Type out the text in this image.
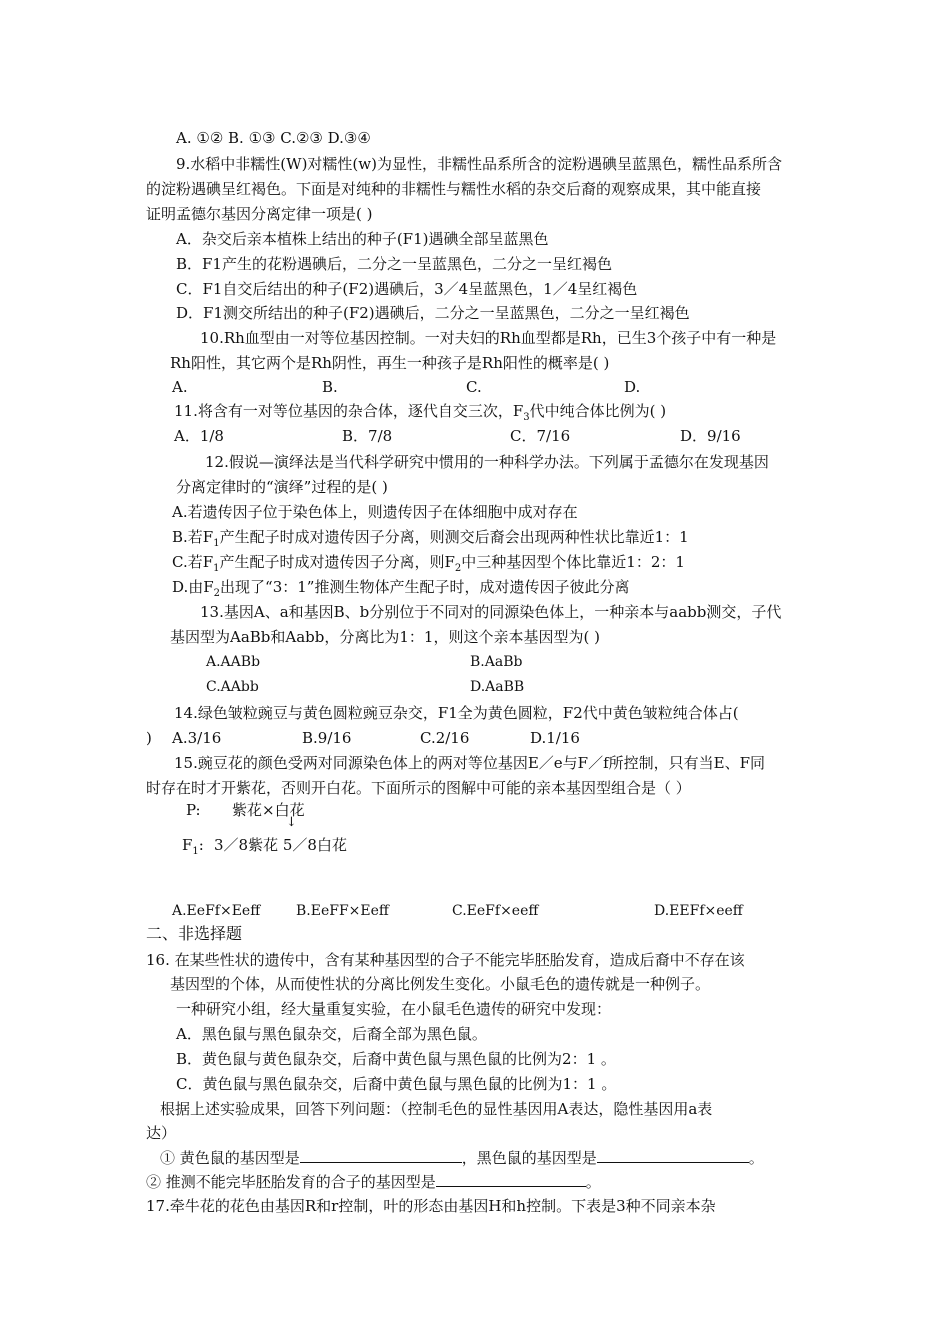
A. ①② B. ①③ C.②③ D.③④
9.水稻中非糯性(W)对糯性(w)为显性，非糯性品系所含的淀粉遇碘呈蓝黑色，糯性品系所含
的淀粉遇碘呈红褐色。下面是对纯种的非糯性与糯性水稻的杂交后裔的观察成果，其中能直接
证明孟德尔基因分离定律一项是( )
A．杂交后亲本植株上结出的种子(F1)遇碘全部呈蓝黑色
B．F1产生的花粉遇碘后，二分之一呈蓝黑色，二分之一呈红褐色
C．F1自交后结出的种子(F2)遇碘后，3／4呈蓝黑色，1／4呈红褐色
D．F1测交所结出的种子(F2)遇碘后，二分之一呈蓝黑色，二分之一呈红褐色
10.Rh血型由一对等位基因控制。一对夫妇的Rh血型都是Rh，已生3个孩子中有一种是
Rh阳性，其它两个是Rh阴性，再生一种孩子是Rh阳性的概率是( )
A.	B.	C.	D.
11.将含有一对等位基因的杂合体，逐代自交三次，$F_3$代中纯合体比例为( )
A．1/8	B．7/8	C．7/16	D．9/16
12.假说—演绎法是当代科学研究中惯用的一种科学办法。下列属于孟德尔在发现基因
分离定律时的“演绎”过程的是( )
A.若遗传因子位于染色体上，则遗传因子在体细胞中成对存在
B.若$F_1$产生配子时成对遗传因子分离，则测交后裔会出现两种性状比靠近1：1
C.若$F_1$产生配子时成对遗传因子分离，则$F_2$中三种基因型个体比靠近1：2：1
D.由$F_2$出现了“3：1”推测生物体产生配子时，成对遗传因子彼此分离
13.基因A、a和基因B、b分别位于不同对的同源染色体上，一种亲本与aabb测交，子代
基因型为AaBb和Aabb，分离比为1：1，则这个亲本基因型为( )
A.AABb	B.AaBb
C.AAbb	D.AaBB
14.绿色皱粒豌豆与黄色圆粒豌豆杂交，F1全为黄色圆粒，F2代中黄色皱粒纯合体占(
) A.3/16	B.9/16	C.2/16	D.1/16
15.豌豆花的颜色受两对同源染色体上的两对等位基因E／e与F／f所控制，只有当E、F同
时存在时才开紫花，否则开白花。下面所示的图解中可能的亲本基因型组合是（ ）
P: 紫花×白花
↓
$F_1$: 3／8紫花 5／8白花
A.EeFf×Eeff	B.EeFF×Eeff	C.EeFf×eeff	D.EEFf×eeff
二、非选择题
16. 在某些性状的遗传中，含有某种基因型的合子不能完毕胚胎发育，造成后裔中不存在该
基因型的个体，从而使性状的分离比例发生变化。小鼠毛色的遗传就是一种例子。
一种研究小组，经大量重复实验，在小鼠毛色遗传的研究中发现：
A．黑色鼠与黑色鼠杂交，后裔全部为黑色鼠。
B．黄色鼠与黄色鼠杂交，后裔中黄色鼠与黑色鼠的比例为2：1 。
C．黄色鼠与黑色鼠杂交，后裔中黄色鼠与黑色鼠的比例为1：1 。
根据上述实验成果，回答下列问题：（控制毛色的显性基因用A表达，隐性基因用a表
达）
① 黄色鼠的基因型是	，黑色鼠的基因型是	。
② 推测不能完毕胚胎发育的合子的基因型是	。
17.牵牛花的花色由基因R和r控制，叶的形态由基因H和h控制。下表是3种不同亲本杂
